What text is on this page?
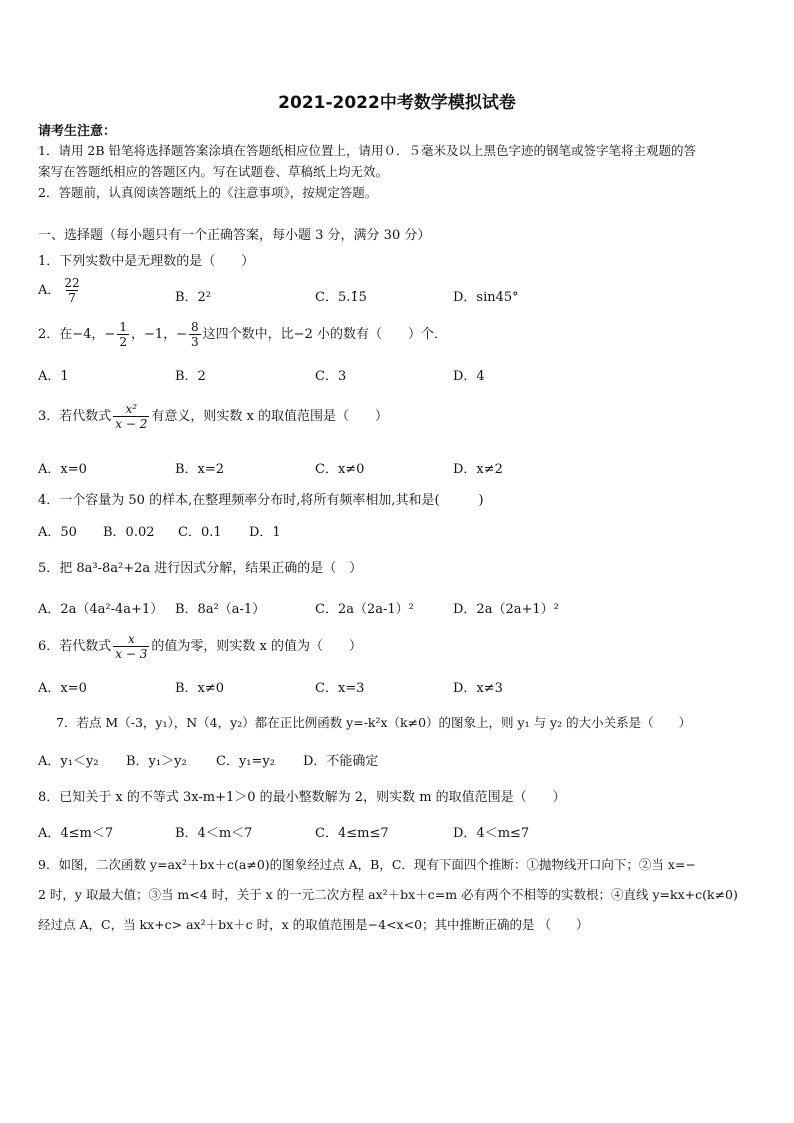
2021-2022中考数学模拟试卷
请考生注意：
1．请用 2B 铅笔将选择题答案涂填在答题纸相应位置上，请用０．５毫米及以上黑色字迹的钢笔或签字笔将主观题的答
案写在答题纸相应的答题区内。写在试题卷、草稿纸上均无效。
2．答题前，认真阅读答题纸上的《注意事项》，按规定答题。
一、选择题（每小题只有一个正确答案，每小题 3 分，满分 30 分）
1．下列实数中是无理数的是（　　）
A． $\frac{22}{7}$	B．2²	C．5.1̇5̇	D．sin45°
2．在−4，− $\frac{1}{2}$ ，−1，− $\frac{8}{3}$ 这四个数中，比−2 小的数有（　　）个．
A．1	B．2	C．3	D．4
3．若代数式 $\frac{\text{x²}}{x - 2}$ 有意义，则实数 x 的取值范围是（　　）
A．x=0	B．x=2	C．x≠0	D．x≠2
4．一个容量为 50 的样本,在整理频率分布时,将所有频率相加,其和是(　　　)
A．50 B．0.02 C．0.1 D．1
5．把 8a³-8a²+2a 进行因式分解，结果正确的是（　）
A．2a（4a²-4a+1） B．8a²（a-1）	C．2a（2a-1）²	D．2a（2a+1）²
6．若代数式 $\frac{x}{x - 3}$ 的值为零，则实数 x 的值为（　　）
A．x=0	B．x≠0	C．x=3	D．x≠3
7．若点 M（-3，y₁），N（4，y₂）都在正比例函数 y=-k²x（k≠0）的图象上，则 y₁ 与 y₂ 的大小关系是（　　）
A．y₁＜y₂ B．y₁＞y₂ C．y₁=y₂ D．不能确定
8．已知关于 x 的不等式 3x-m+1＞0 的最小整数解为 2，则实数 m 的取值范围是（　　）
A．4≤m＜7	B．4＜m＜7	C．4≤m≤7	D．4＜m≤7
9．如图，二次函数 y=ax²＋bx＋c(a≠0)的图象经过点 A，B，C．现有下面四个推断：①抛物线开口向下；②当 x=−
2 时，y 取最大值；③当 m<4 时，关于 x 的一元二次方程 ax²＋bx＋c=m 必有两个不相等的实数根；④直线 y=kx+c(k≠0)
经过点 A，C，当 kx+c> ax²＋bx＋c 时，x 的取值范围是−4<x<0；其中推断正确的是 （　　）
